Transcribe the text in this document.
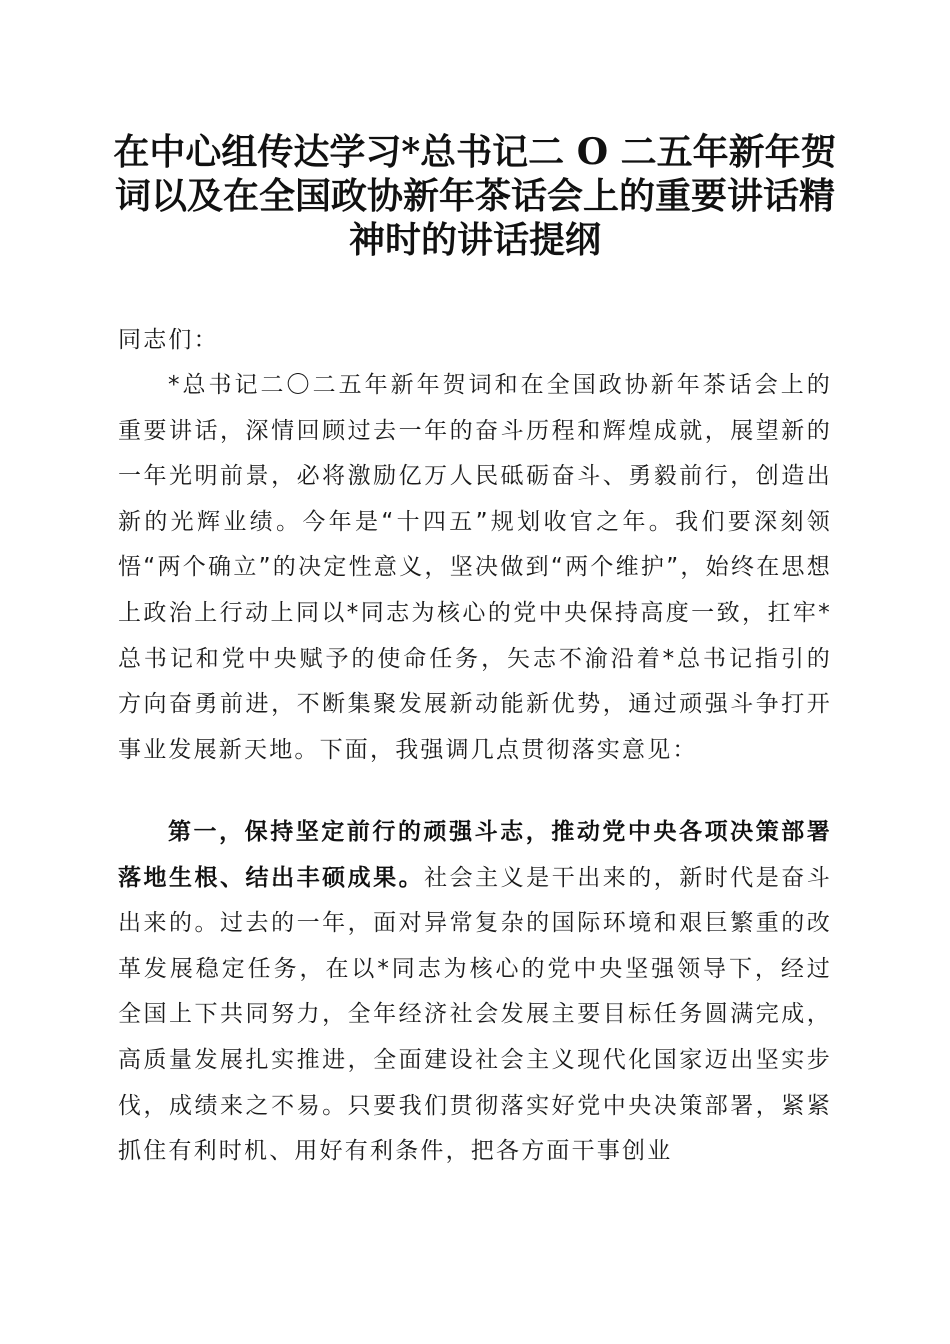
在中心组传达学习*总书记二 O 二五年新年贺词以及在全国政协新年茶话会上的重要讲话精神时的讲话提纲

同志们：

*总书记二〇二五年新年贺词和在全国政协新年茶话会上的重要讲话，深情回顾过去一年的奋斗历程和辉煌成就，展望新的一年光明前景，必将激励亿万人民砥砺奋斗、勇毅前行，创造出新的光辉业绩。今年是“十四五”规划收官之年。我们要深刻领悟“两个确立”的决定性意义，坚决做到“两个维护”，始终在思想上政治上行动上同以*同志为核心的党中央保持高度一致，扛牢*总书记和党中央赋予的使命任务，矢志不渝沿着*总书记指引的方向奋勇前进，不断集聚发展新动能新优势，通过顽强斗争打开事业发展新天地。下面，我强调几点贯彻落实意见：

第一，保持坚定前行的顽强斗志，推动党中央各项决策部署落地生根、结出丰硕成果。社会主义是干出来的，新时代是奋斗出来的。过去的一年，面对异常复杂的国际环境和艰巨繁重的改革发展稳定任务，在以*同志为核心的党中央坚强领导下，经过全国上下共同努力，全年经济社会发展主要目标任务圆满完成，高质量发展扎实推进，全面建设社会主义现代化国家迈出坚实步伐，成绩来之不易。只要我们贯彻落实好党中央决策部署，紧紧抓住有利时机、用好有利条件，把各方面干事创业
